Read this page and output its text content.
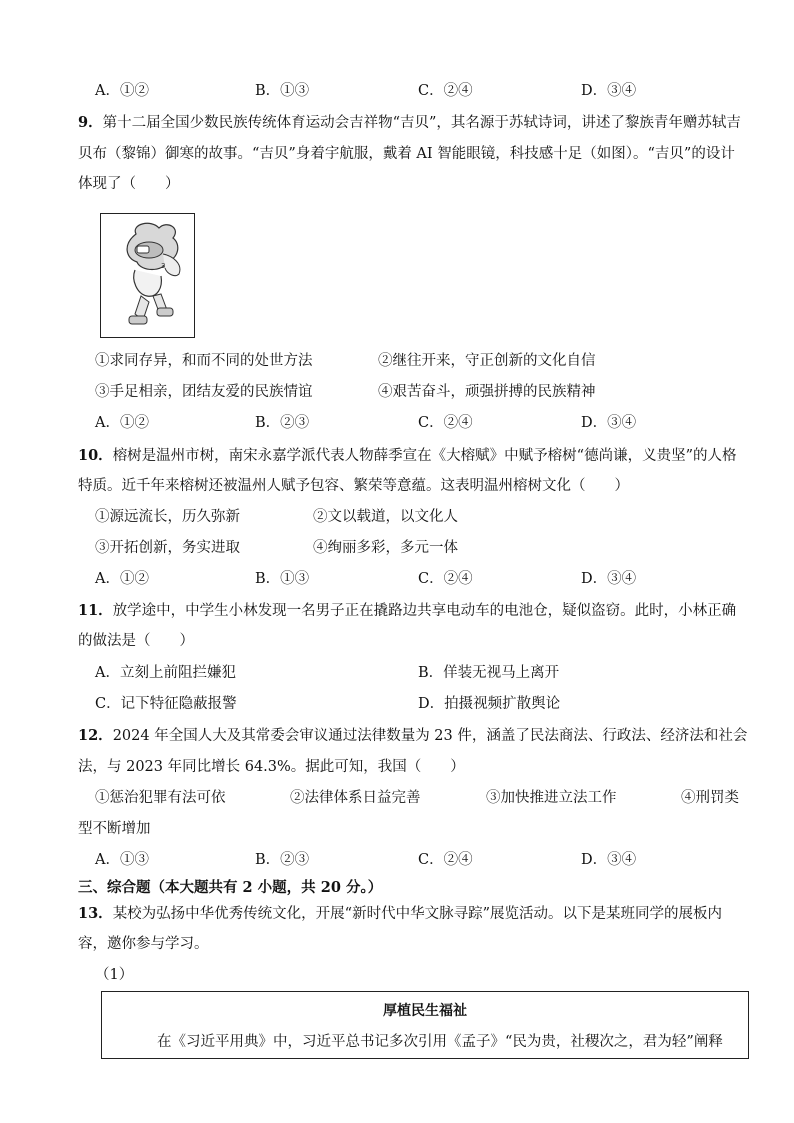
A．①②	B．①③	C．②④	D．③④
9．第十二届全国少数民族传统体育运动会吉祥物“吉贝”，其名源于苏轼诗词，讲述了黎族青年赠苏轼吉
贝布（黎锦）御寒的故事。“吉贝”身着宇航服，戴着 AI 智能眼镜，科技感十足（如图）。“吉贝”的设计
体现了（　　）
3
①求同存异，和而不同的处世方法	②继往开来，守正创新的文化自信
③手足相亲，团结友爱的民族情谊	④艰苦奋斗，顽强拼搏的民族精神
A．①②	B．②③	C．②④	D．③④
10．榕树是温州市树，南宋永嘉学派代表人物薛季宣在《大榕赋》中赋予榕树“德尚谦，义贵坚”的人格
特质。近千年来榕树还被温州人赋予包容、繁荣等意蕴。这表明温州榕树文化（　　）
①源远流长，历久弥新	②文以载道，以文化人
③开拓创新，务实进取	④绚丽多彩，多元一体
A．①②	B．①③	C．②④	D．③④
11．放学途中，中学生小林发现一名男子正在撬路边共享电动车的电池仓，疑似盗窃。此时，小林正确
的做法是（　　）
A．立刻上前阻拦嫌犯	B．佯装无视马上离开
C．记下特征隐蔽报警	D．拍摄视频扩散舆论
12．2024 年全国人大及其常委会审议通过法律数量为 23 件，涵盖了民法商法、行政法、经济法和社会
法，与 2023 年同比增长 64.3%。据此可知，我国（　　）
①惩治犯罪有法可依	②法律体系日益完善	③加快推进立法工作	④刑罚类
型不断增加
A．①③	B．②③	C．②④	D．③④
三、综合题（本大题共有 2 小题，共 20 分。）
13．某校为弘扬中华优秀传统文化，开展“新时代中华文脉寻踪”展览活动。以下是某班同学的展板内
容，邀你参与学习。
（1）
厚植民生福祉
在《习近平用典》中，习近平总书记多次引用《孟子》“民为贵，社稷次之，君为轻”阐释
